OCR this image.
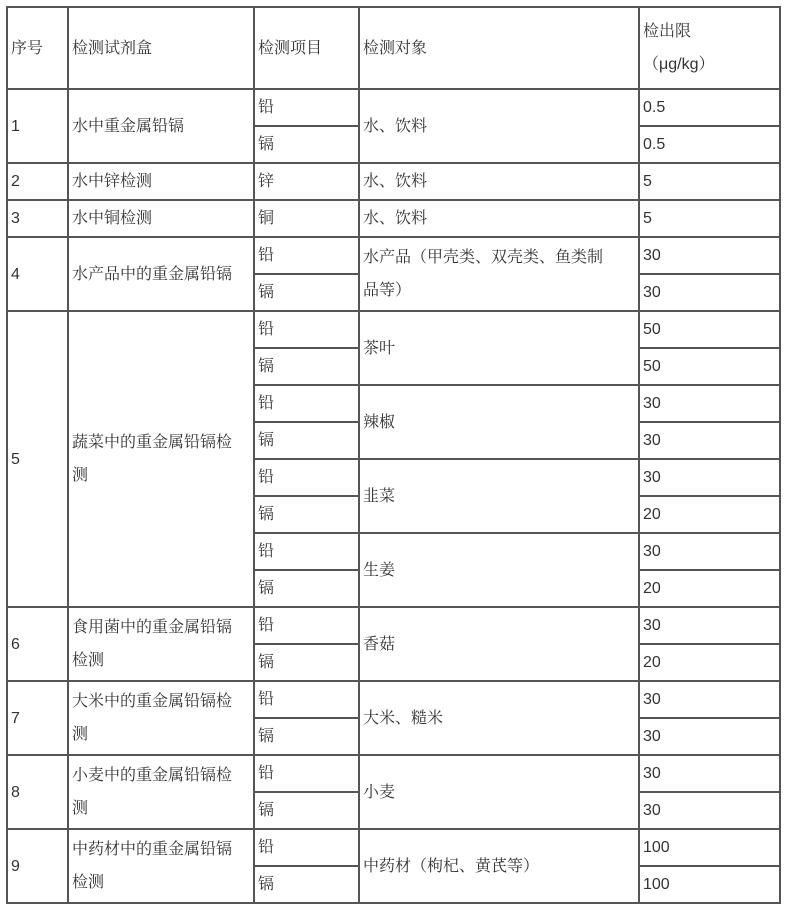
序号	检测试剂盒	检测项目	检测对象	检出限
（μg/kg）

1	水中重金属铅镉	铅	水、饮料	0.5
		镉		0.5
2	水中锌检测	锌	水、饮料	5
3	水中铜检测	铜	水、饮料	5
4	水产品中的重金属铅镉	铅	水产品（甲壳类、双壳类、鱼类制品等）	30
		镉		30
5	蔬菜中的重金属铅镉检测	铅	茶叶	50
		镉		50
		铅	辣椒	30
		镉		30
		铅	韭菜	30
		镉		20
		铅	生姜	30
		镉		20
6	食用菌中的重金属铅镉检测	铅	香菇	30
		镉		20
7	大米中的重金属铅镉检测	铅	大米、糙米	30
		镉		30
8	小麦中的重金属铅镉检测	铅	小麦	30
		镉		30
9	中药材中的重金属铅镉检测	铅	中药材（枸杞、黄芪等）	100
		镉		100
